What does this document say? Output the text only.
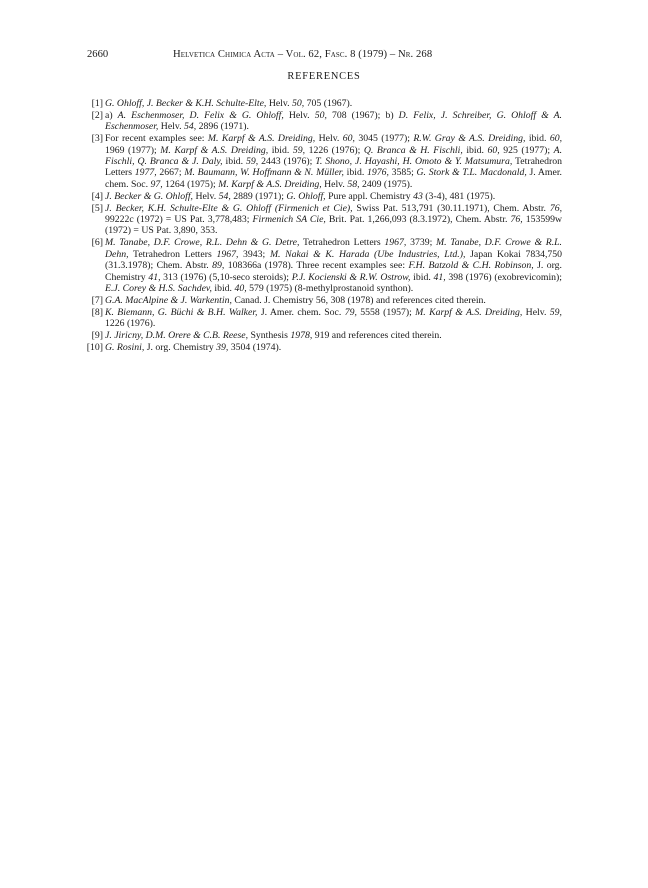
2660	Helvetica Chimica Acta – Vol. 62, Fasc. 8 (1979) – Nr. 268
REFERENCES
[1] G. Ohloff, J. Becker & K.H. Schulte-Elte, Helv. 50, 705 (1967).
[2] a) A. Eschenmoser, D. Felix & G. Ohloff, Helv. 50, 708 (1967); b) D. Felix, J. Schreiber, G. Ohloff & A. Eschenmoser, Helv. 54, 2896 (1971).
[3] For recent examples see: M. Karpf & A.S. Dreiding, Helv. 60, 3045 (1977); R.W. Gray & A.S. Dreiding, ibid. 60, 1969 (1977); M. Karpf & A.S. Dreiding, ibid. 59, 1226 (1976); Q. Branca & H. Fischli, ibid. 60, 925 (1977); A. Fischli, Q. Branca & J. Daly, ibid. 59, 2443 (1976); T. Shono, J. Hayashi, H. Omoto & Y. Matsumura, Tetrahedron Letters 1977, 2667; M. Baumann, W. Hoffmann & N. Müller, ibid. 1976, 3585; G. Stork & T.L. Macdonald, J. Amer. chem. Soc. 97, 1264 (1975); M. Karpf & A.S. Dreiding, Helv. 58, 2409 (1975).
[4] J. Becker & G. Ohloff, Helv. 54, 2889 (1971); G. Ohloff, Pure appl. Chemistry 43 (3-4), 481 (1975).
[5] J. Becker, K.H. Schulte-Elte & G. Ohloff (Firmenich et Cie), Swiss Pat. 513,791 (30.11.1971), Chem. Abstr. 76, 99222c (1972) = US Pat. 3,778,483; Firmenich SA Cie, Brit. Pat. 1,266,093 (8.3.1972), Chem. Abstr. 76, 153599w (1972) = US Pat. 3,890, 353.
[6] M. Tanabe, D.F. Crowe, R.L. Dehn & G. Detre, Tetrahedron Letters 1967, 3739; M. Tanabe, D.F. Crowe & R.L. Dehn, Tetrahedron Letters 1967, 3943; M. Nakai & K. Harada (Ube Industries, Ltd.), Japan Kokai 7834,750 (31.3.1978); Chem. Abstr. 89, 108366a (1978). Three recent examples see: F.H. Batzold & C.H. Robinson, J. org. Chemistry 41, 313 (1976) (5,10-seco steroids); P.J. Kocienski & R.W. Ostrow, ibid. 41, 398 (1976) (exobrevicomin); E.J. Corey & H.S. Sachdev, ibid. 40, 579 (1975) (8-methylprostanoid synthon).
[7] G.A. MacAlpine & J. Warkentin, Canad. J. Chemistry 56, 308 (1978) and references cited therein.
[8] K. Biemann, G. Büchi & B.H. Walker, J. Amer. chem. Soc. 79, 5558 (1957); M. Karpf & A.S. Dreiding, Helv. 59, 1226 (1976).
[9] J. Jiricny, D.M. Orere & C.B. Reese, Synthesis 1978, 919 and references cited therein.
[10] G. Rosini, J. org. Chemistry 39, 3504 (1974).
